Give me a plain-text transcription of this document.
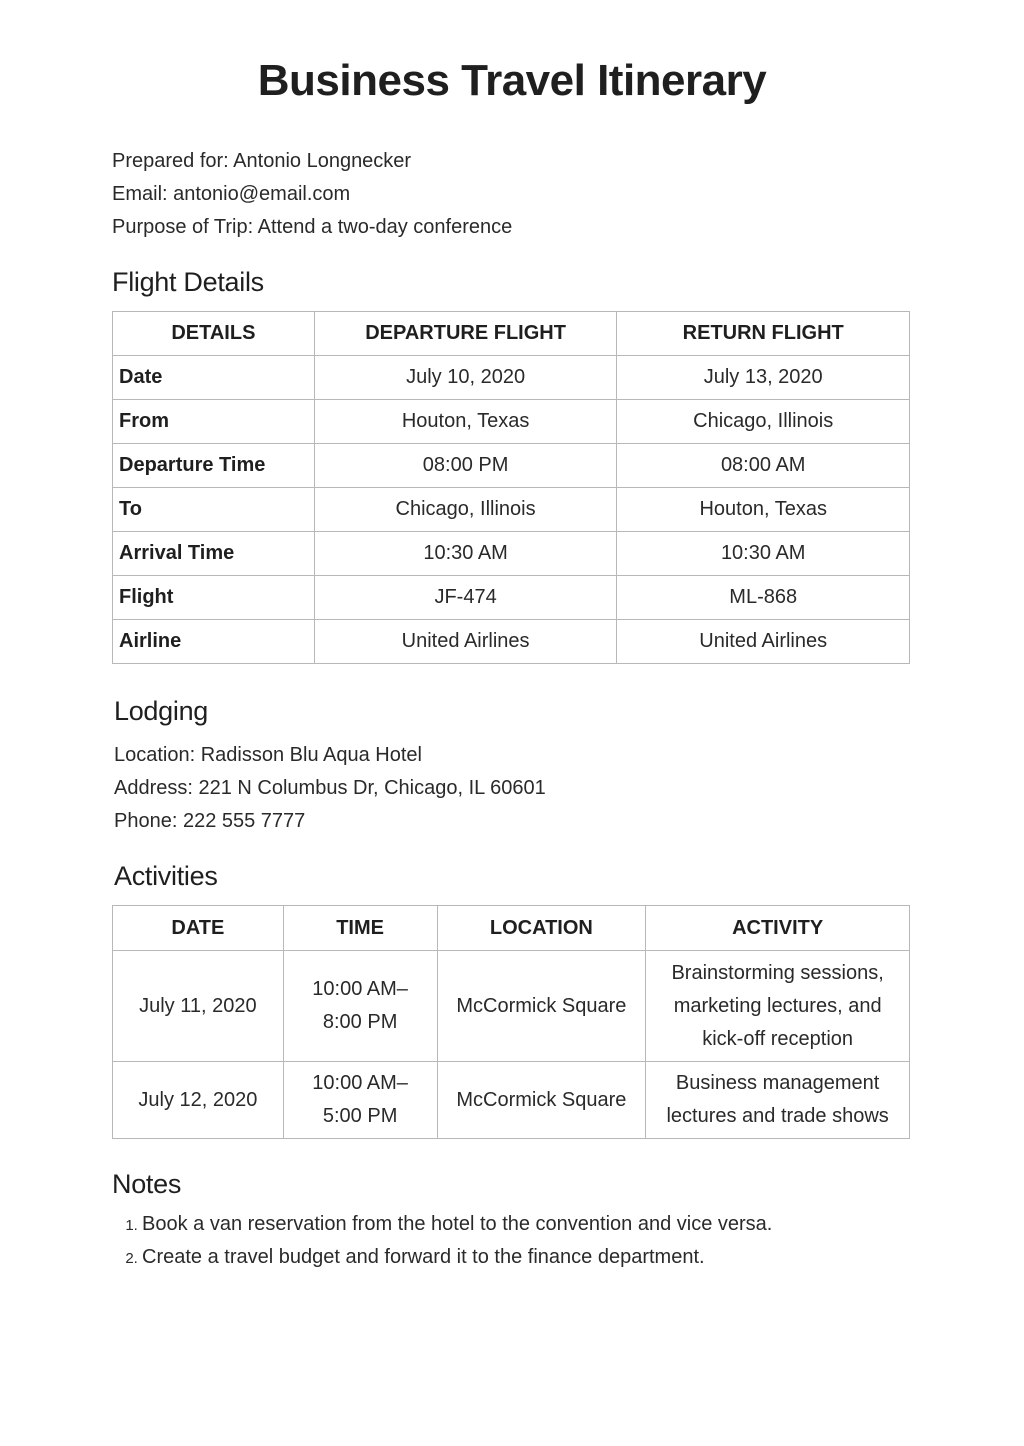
Business Travel Itinerary
Prepared for: Antonio Longnecker
Email: antonio@email.com
Purpose of Trip: Attend a two-day conference
Flight Details
DETAILS	DEPARTURE FLIGHT	RETURN FLIGHT
Date	July 10, 2020	July 13, 2020
From	Houton, Texas	Chicago, Illinois
Departure Time	08:00 PM	08:00 AM
To	Chicago, Illinois	Houton, Texas
Arrival Time	10:30 AM	10:30 AM
Flight	JF-474	ML-868
Airline	United Airlines	United Airlines
Lodging
Location: Radisson Blu Aqua Hotel
Address: 221 N Columbus Dr, Chicago, IL 60601
Phone: 222 555 7777
Activities
DATE	TIME	LOCATION	ACTIVITY
July 11, 2020	10:00 AM–
8:00 PM	McCormick Square	Brainstorming sessions,
marketing lectures, and
kick-off reception

July 12, 2020	10:00 AM–
5:00 PM	McCormick Square	Business management
lectures and trade shows
Notes
1. Book a van reservation from the hotel to the convention and vice versa.
2. Create a travel budget and forward it to the finance department.
